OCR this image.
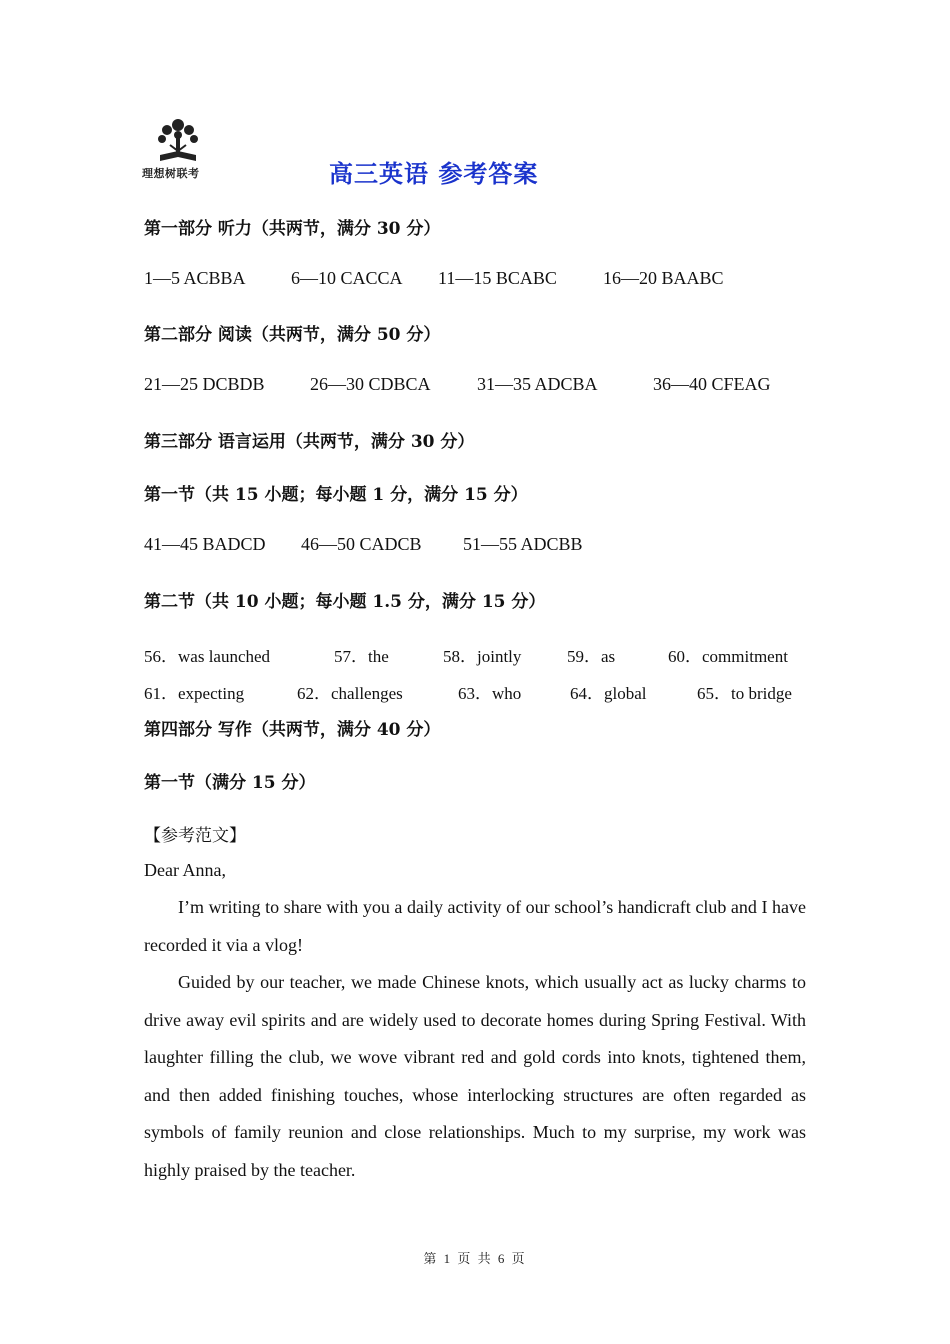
理想树联考	高三英语 参考答案
第一部分 听力（共两节，满分 30 分）
1—5 ACBBA	6—10 CACCA 11—15 BCABC	16—20 BAABC
第二部分 阅读（共两节，满分 50 分）
21—25 DCBDB	26—30 CDBCA	31—35 ADCBA	36—40 CFEAG
第三部分 语言运用（共两节，满分 30 分）
第一节（共 15 小题；每小题 1 分，满分 15 分）
41—45 BADCD 46—50 CADCB 51—55 ADCBB
第二节（共 10 小题；每小题 1.5 分，满分 15 分）
56．was launched	57．the	58．jointly	59．as	60．commitment
61．expecting	62．challenges	63．who	64．global	65．to bridge
第四部分 写作（共两节，满分 40 分）
第一节（满分 15 分）
【参考范文】
Dear Anna,
I’m writing to share with you a daily activity of our school’s handicraft club and I have recorded it via a vlog!
Guided by our teacher, we made Chinese knots, which usually act as lucky charms to drive away evil spirits and are widely used to decorate homes during Spring Festival. With laughter filling the club, we wove vibrant red and gold cords into knots, tightened them, and then added finishing touches, whose interlocking structures are often regarded as symbols of family reunion and close relationships. Much to my surprise, my work was highly praised by the teacher.
第 1 页 共 6 页
